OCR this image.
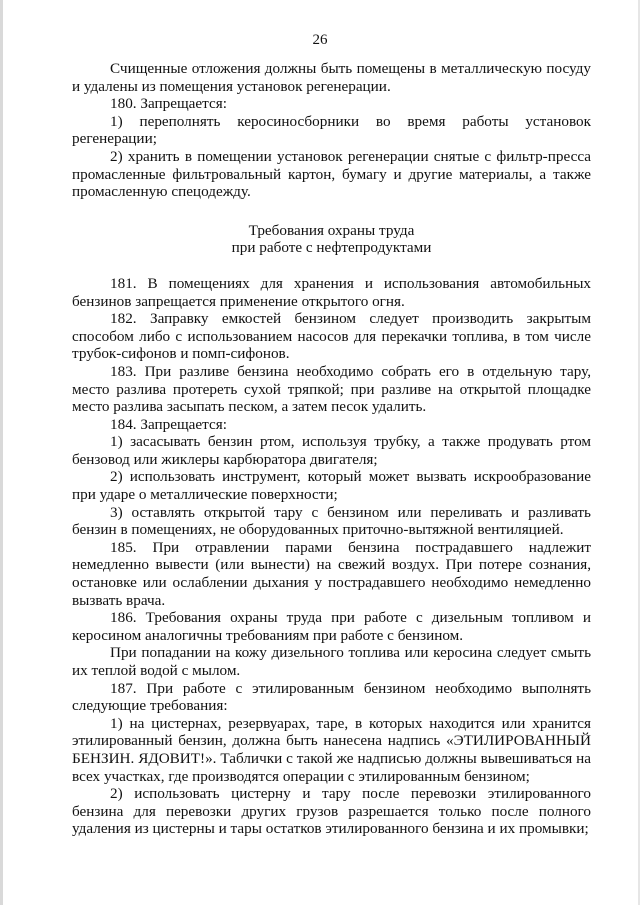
26

Счищенные отложения должны быть помещены в металлическую посуду и удалены из помещения установок регенерации.

180. Запрещается:

1) переполнять керосиносборники во время работы установок регенерации;

2) хранить в помещении установок регенерации снятые с фильтр-пресса промасленные фильтровальный картон, бумагу и другие материалы, а также промасленную спецодежду.

Требования охраны труда
при работе с нефтепродуктами

181. В помещениях для хранения и использования автомобильных бензинов запрещается применение открытого огня.

182. Заправку емкостей бензином следует производить закрытым способом либо с использованием насосов для перекачки топлива, в том числе трубок-сифонов и помп-сифонов.

183. При разливе бензина необходимо собрать его в отдельную тару, место разлива протереть сухой тряпкой; при разливе на открытой площадке место разлива засыпать песком, а затем песок удалить.

184. Запрещается:

1) засасывать бензин ртом, используя трубку, а также продувать ртом бензовод или жиклеры карбюратора двигателя;

2) использовать инструмент, который может вызвать искрообразование при ударе о металлические поверхности;

3) оставлять открытой тару с бензином или переливать и разливать бензин в помещениях, не оборудованных приточно-вытяжной вентиляцией.

185. При отравлении парами бензина пострадавшего надлежит немедленно вывести (или вынести) на свежий воздух. При потере сознания, остановке или ослаблении дыхания у пострадавшего необходимо немедленно вызвать врача.

186. Требования охраны труда при работе с дизельным топливом и керосином аналогичны требованиям при работе с бензином.

При попадании на кожу дизельного топлива или керосина следует смыть их теплой водой с мылом.

187. При работе с этилированным бензином необходимо выполнять следующие требования:

1) на цистернах, резервуарах, таре, в которых находится или хранится этилированный бензин, должна быть нанесена надпись «ЭТИЛИРОВАННЫЙ БЕНЗИН. ЯДОВИТ!». Таблички с такой же надписью должны вывешиваться на всех участках, где производятся операции с этилированным бензином;

2) использовать цистерну и тару после перевозки этилированного бензина для перевозки других грузов разрешается только после полного удаления из цистерны и тары остатков этилированного бензина и их промывки;
